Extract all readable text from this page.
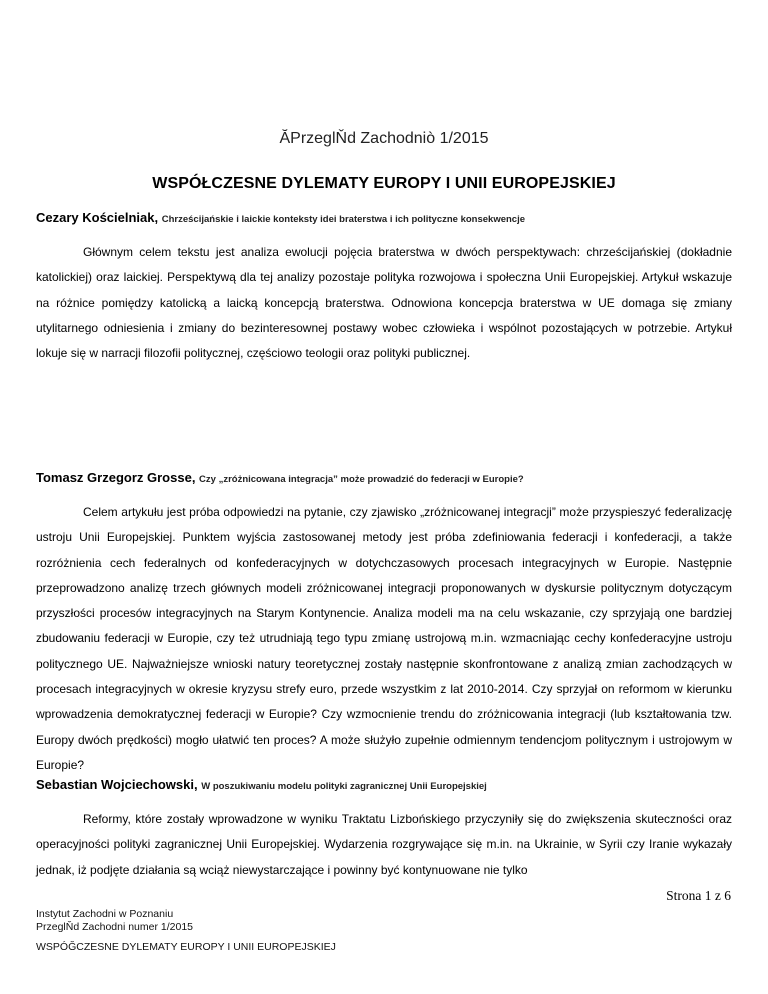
ĂPrzeglŇd Zachodniò 1/2015
WSPÓŁCZESNE DYLEMATY EUROPY I UNII EUROPEJSKIEJ

Cezary Kościelniak, Chrześcijańskie i laickie konteksty idei braterstwa i ich polityczne konsekwencje

Głównym celem tekstu jest analiza ewolucji pojęcia braterstwa w dwóch perspektywach: chrześcijańskiej (dokładnie katolickiej) oraz laickiej. Perspektywą dla tej analizy pozostaje polityka rozwojowa i społeczna Unii Europejskiej. Artykuł wskazuje na różnice pomiędzy katolicką a laicką koncepcją braterstwa. Odnowiona koncepcja braterstwa w UE domaga się zmiany utylitarnego odniesienia i zmiany do bezinteresownej postawy wobec człowieka i wspólnot pozostających w potrzebie. Artykuł lokuje się w narracji filozofii politycznej, częściowo teologii oraz polityki publicznej.

Tomasz Grzegorz Grosse, Czy „zróżnicowana integracja” może prowadzić do federacji w Europie?

Celem artykułu jest próba odpowiedzi na pytanie, czy zjawisko „zróżnicowanej integracji” może przyspieszyć federalizację ustroju Unii Europejskiej. Punktem wyjścia zastosowanej metody jest próba zdefiniowania federacji i konfederacji, a także rozróżnienia cech federalnych od konfederacyjnych w dotychczasowych procesach integracyjnych w Europie. Następnie przeprowadzono analizę trzech głównych modeli zróżnicowanej integracji proponowanych w dyskursie politycznym dotyczącym przyszłości procesów integracyjnych na Starym Kontynencie. Analiza modeli ma na celu wskazanie, czy sprzyjają one bardziej zbudowaniu federacji w Europie, czy też utrudniają tego typu zmianę ustrojową m.in. wzmacniając cechy konfederacyjne ustroju politycznego UE. Najważniejsze wnioski natury teoretycznej zostały następnie skonfrontowane z analizą zmian zachodzących w procesach integracyjnych w okresie kryzysu strefy euro, przede wszystkim z lat 2010-2014. Czy sprzyjał on reformom w kierunku wprowadzenia demokratycznej federacji w Europie? Czy wzmocnienie trendu do zróżnicowania integracji (lub kształtowania tzw. Europy dwóch prędkości) mogło ułatwić ten proces? A może służyło zupełnie odmiennym tendencjom politycznym i ustrojowym w Europie?

Sebastian Wojciechowski, W poszukiwaniu modelu polityki zagranicznej Unii Europejskiej

Reformy, które zostały wprowadzone w wyniku Traktatu Lizbońskiego przyczyniły się do zwiększenia skuteczności oraz operacyjności polityki zagranicznej Unii Europejskiej. Wydarzenia rozgrywające się m.in. na Ukrainie, w Syrii czy Iranie wykazały jednak, iż podjęte działania są wciąż niewystarczające i powinny być kontynuowane nie tylko

Strona 1 z 6
Instytut Zachodni w Poznaniu
PrzeglŇd Zachodni numer 1/2015
WSPÓĞCZESNE DYLEMATY EUROPY I UNII EUROPEJSKIEJ
